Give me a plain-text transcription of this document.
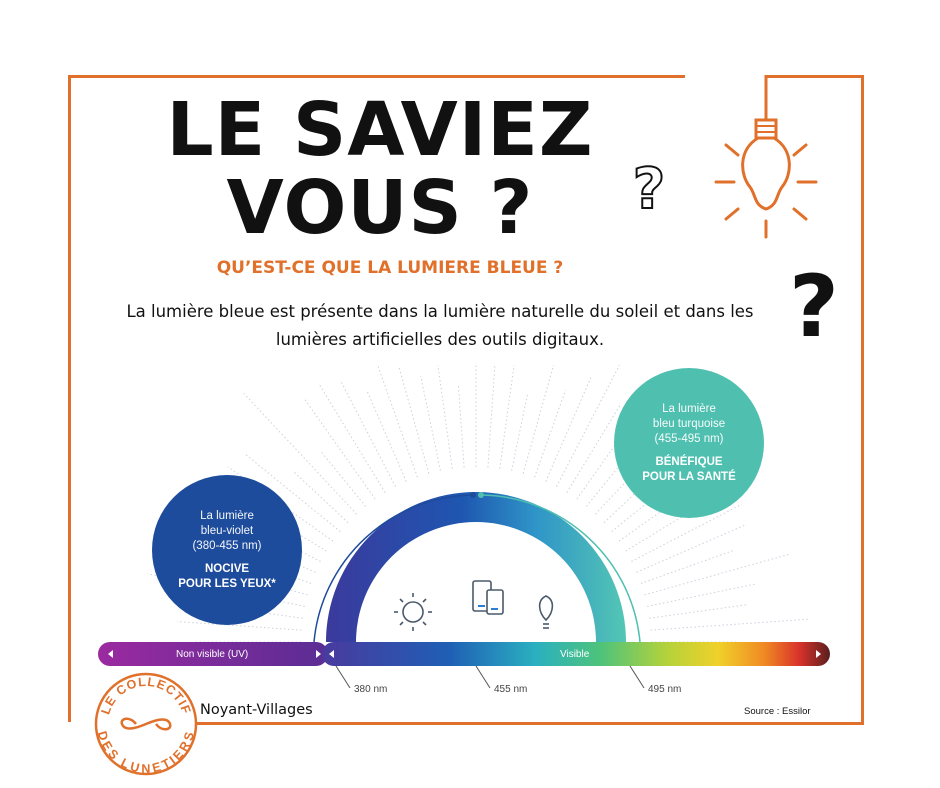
LE SAVIEZ
VOUS ?	?
QU’EST-CE QUE LA LUMIERE BLEUE ?	?
La lumière bleue est présente dans la lumière naturelle du soleil et dans les
lumières artificielles des outils digitaux.
Non visible (UV)	Visible
380 nm	455 nm	495 nm
La lumière
bleu-violet
(380-455 nm)
NOCIVE
POUR LES YEUX*
La lumière
bleu turquoise
(455-495 nm)
BÉNÉFIQUE
POUR LA SANTÉ
LE COLLECTIF
DES LUNETIERS
Noyant-Villages	Source : Essilor
